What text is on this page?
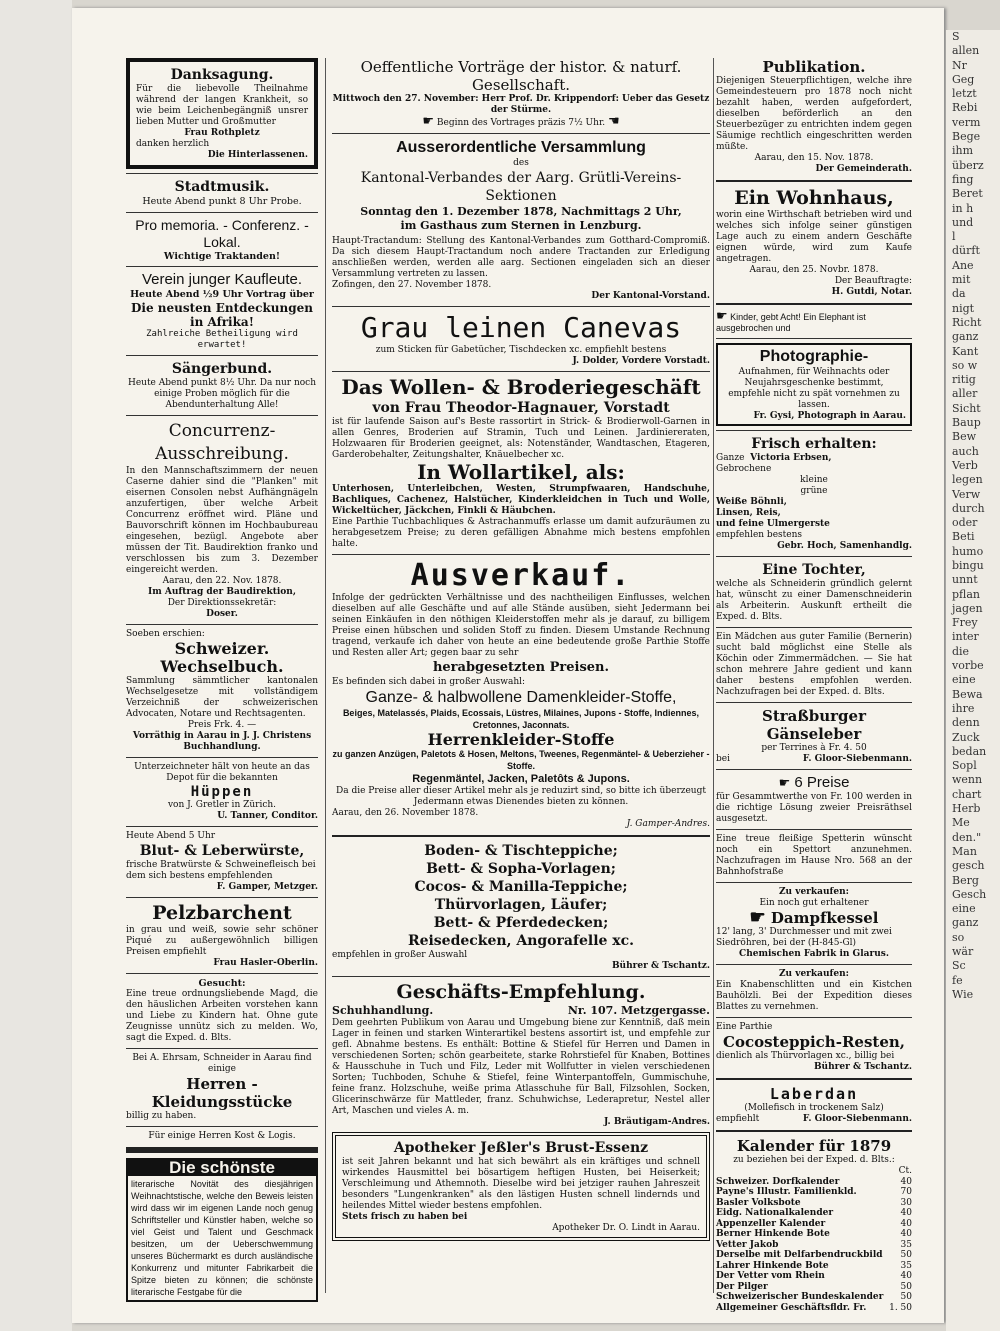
S
allen
Nr
Geg
letzt
Rebi
verm
Bege
ihm
überz
fing
Beret
in h
und
l
dürft
Ane
mit
da
nigt
Richt
ganz
Kant
so w
ritig
aller
Sicht
Baup
Bew
auch
Verb
legen
Verw
durch
oder
Beti
humo
bingu
unnt
pflan
jagen
Frey
inter
die
vorbe
eine
Bewa
ihre
denn
Zuck
bedan
Sopl
wenn
chart
Herb
Me
den."
Man
gesch
Berg
Gesch
eine
ganz
so
wär
Sc
fe
Wie

Danksagung.

Für die liebevolle Theilnahme während der langen Krankheit, so wie beim Leichenbegängniß unsrer lieben Mutter und Großmutter

Frau Rothpletz

danken herzlich

Die Hinterlassenen.

Stadtmusik.

Heute Abend punkt 8 Uhr Probe.

Pro memoria. - Conferenz. - Lokal.

Wichtige Traktanden!

Verein junger Kaufleute.

Heute Abend ½9 Uhr Vortrag über

Die neusten Entdeckungen in Afrika!

Zahlreiche Betheiligung wird erwartet!

Sängerbund.

Heute Abend punkt 8½ Uhr. Da nur noch einige Proben möglich für die Abendunterhaltung Alle!

Concurrenz-Ausschreibung.

In den Mannschaftszimmern der neuen Caserne dahier sind die "Planken" mit eisernen Consolen nebst Aufhängnägeln anzufertigen, über welche Arbeit Concurrenz eröffnet wird. Pläne und Bauvorschrift können im Hochbaubureau eingesehen, bezügl. Angebote aber müssen der Tit. Baudirektion franko und verschlossen bis zum 3. Dezember eingereicht werden.

Aarau, den 22. Nov. 1878.

Im Auftrag der Baudirektion,

Der Direktionssekretär:

Doser.

Soeben erschien:

Schweizer. Wechselbuch.

Sammlung sämmtlicher kantonalen Wechselgesetze mit vollständigem Verzeichniß der schweizerischen Advocaten, Notare und Rechtsagenten.

Preis Frk. 4. —

Vorräthig in Aarau in J. J. Christens Buchhandlung.

Unterzeichneter hält von heute an das Depot für die bekannten

Hüppen

von J. Gretler in Zürich.

U. Tanner, Conditor.

Heute Abend 5 Uhr

Blut- & Leberwürste,

frische Bratwürste & Schweinefleisch bei dem sich bestens empfehlenden

F. Gamper, Metzger.

Pelzbarchent

in grau und weiß, sowie sehr schöner Piqué zu außergewöhnlich billigen Preisen empfiehlt

Frau Hasler-Oberlin.

Gesucht:

Eine treue ordnungsliebende Magd, die den häuslichen Arbeiten vorstehen kann und Liebe zu Kindern hat. Ohne gute Zeugnisse unnütz sich zu melden. Wo, sagt die Exped. d. Blts.

Bei A. Ehrsam, Schneider in Aarau find einige

Herren - Kleidungsstücke

billig zu haben.

Für einige Herren Kost & Logis.

Die schönste

literarische Novität des diesjährigen Weihnachtstische, welche den Beweis leisten wird dass wir im eigenen Lande noch genug Schriftsteller und Künstler haben, welche so viel Geist und Talent und Geschmack besitzen, um der Ueberschwemmung unseres Büchermarkt es durch ausländische Konkurrenz und mitunter Fabrikarbeit die Spitze bieten zu können; die schönste literarische Festgabe für die

Oeffentliche Vorträge der histor. & naturf. Gesellschaft.

Mittwoch den 27. November: Herr Prof. Dr. Krippendorf: Ueber das Gesetz der Stürme.

☛ Beginn des Vortrages präzis 7½ Uhr. ☚

Ausserordentliche Versammlung

des

Kantonal-Verbandes der Aarg. Grütli-Vereins-Sektionen

Sonntag den 1. Dezember 1878, Nachmittags 2 Uhr,

im Gasthaus zum Sternen in Lenzburg.

Haupt-Tractandum: Stellung des Kantonal-Verbandes zum Gotthard-Compromiß. Da sich diesem Haupt-Tractandum noch andere Tractanden zur Erledigung anschließen werden, werden alle aarg. Sectionen eingeladen sich an dieser Versammlung vertreten zu lassen.

Zofingen, den 27. November 1878.

Der Kantonal-Vorstand.

Grau leinen Canevas

zum Sticken für Gabetücher, Tischdecken xc. empfiehlt bestens

J. Dolder, Vordere Vorstadt.

Das Wollen- & Broderiegeschäft

von Frau Theodor-Hagnauer, Vorstadt

ist für laufende Saison auf's Beste rassortirt in Strick- & Brodierwoll-Garnen in allen Genres, Broderien auf Stramin, Tuch und Leinen. Jardiniereraten, Holzwaaren für Broderien geeignet, als: Notenständer, Wandtaschen, Etageren, Garderobehalter, Zeitungshalter, Knäuelbecher xc.

In Wollartikel, als:

Unterhosen, Unterleibchen, Westen, Strumpfwaaren, Handschuhe, Bachliques, Cachenez, Halstücher, Kinderkleidchen in Tuch und Wolle, Wickeltücher, Jäckchen, Finkli & Häubchen.

Eine Parthie Tuchbachliques & Astrachanmuffs erlasse um damit aufzuräumen zu herabgesetzem Preise; zu deren gefälligen Abnahme mich bestens empfohlen halte.

Ausverkauf.

Infolge der gedrückten Verhältnisse und des nachtheiligen Einflusses, welchen dieselben auf alle Geschäfte und auf alle Stände ausüben, sieht Jedermann bei seinen Einkäufen in den nöthigen Kleiderstoffen mehr als je darauf, zu billigem Preise einen hübschen und soliden Stoff zu finden. Diesem Umstande Rechnung tragend, verkaufe ich daher von heute an eine bedeutende große Parthie Stoffe und Resten aller Art; gegen baar zu sehr

herabgesetzten Preisen.

Es befinden sich dabei in großer Auswahl:

Ganze- & halbwollene Damenkleider-Stoffe,

Beiges, Matelassés, Plaids, Ecossais, Lüstres, Milaines, Jupons - Stoffe, Indiennes, Cretonnes, Jaconnats.

Herrenkleider-Stoffe

zu ganzen Anzügen, Paletots & Hosen, Meltons, Tweenes, Regenmäntel- & Ueberzieher - Stoffe.

Regenmäntel, Jacken, Paletôts & Jupons.

Da die Preise aller dieser Artikel mehr als je reduzirt sind, so bitte ich überzeugt Jedermann etwas Dienendes bieten zu können.

Aarau, den 26. November 1878.

J. Gamper-Andres.

Boden- & Tischteppiche;

Bett- & Sopha-Vorlagen;

Cocos- & Manilla-Teppiche;

Thürvorlagen, Läufer;

Bett- & Pferdedecken;

Reisedecken, Angorafelle xc.

empfehlen in großer Auswahl

Bührer & Tschantz.

Geschäfts-Empfehlung.

Schuhhandlung.	Nr. 107. Metzgergasse.

Dem geehrten Publikum von Aarau und Umgebung biene zur Kenntniß, daß mein Lager in feinen und starken Winterartikel bestens assortirt ist, und empfehle zur gefl. Abnahme bestens. Es enthält: Bottine & Stiefel für Herren und Damen in verschiedenen Sorten; schön gearbeitete, starke Rohrstiefel für Knaben, Bottines & Hausschuhe in Tuch und Filz, Leder mit Wollfutter in vielen verschiedenen Sorten; Tuchboden, Schuhe & Stiefel, feine Winterpantoffeln, Gummischuhe, feine franz. Holzschuhe, weiße prima Atlasschuhe für Ball, Filzsohlen, Socken, Glicerinschwärze für Mattleder, franz. Schuhwichse, Lederapretur, Nestel aller Art, Maschen und vieles A. m.

J. Bräutigam-Andres.

Apotheker Jeßler's Brust-Essenz

ist seit Jahren bekannt und hat sich bewährt als ein kräftiges und schnell wirkendes Hausmittel bei bösartigem heftigen Husten, bei Heiserkeit; Verschleimung und Athemnoth. Dieselbe wird bei jetziger rauhen Jahreszeit besonders "Lungenkranken" als den lästigen Husten schnell lindernds und heilendes Mittel wieder bestens empfohlen.

Stets frisch zu haben bei

Apotheker Dr. O. Lindt in Aarau.

Publikation.

Diejenigen Steuerpflichtigen, welche ihre Gemeindesteuern pro 1878 noch nicht bezahlt haben, werden aufgefordert, dieselben beförderlich an den Steuerbezüger zu entrichten indem gegen Säumige rechtlich eingeschritten werden müßte.

Aarau, den 15. Nov. 1878.

Der Gemeinderath.

Ein Wohnhaus,

worin eine Wirthschaft betrieben wird und welches sich infolge seiner günstigen Lage auch zu einem andern Geschäfte eignen würde, wird zum Kaufe angetragen.

Aarau, den 25. Novbr. 1878.

Der Beauftragte:

H. Gutdi, Notar.

☛ Kinder, gebt Acht! Ein Elephant ist ausgebrochen und

Photographie-

Aufnahmen, für Weihnachts oder Neujahrsgeschenke bestimmt, empfehle nicht zu spät vornehmen zu lassen.

Fr. Gysi, Photograph in Aarau.

Frisch erhalten:

Ganze Victoria Erbsen,

Gebrochene

kleine

grüne

Weiße Böhnli,

Linsen, Reis,

und feine Ulmergerste

empfehlen bestens

Gebr. Hoch, Samenhandlg.

Eine Tochter,

welche als Schneiderin gründlich gelernt hat, wünscht zu einer Damenschneiderin als Arbeiterin. Auskunft ertheilt die Exped. d. Blts.

Ein Mädchen aus guter Familie (Bernerin) sucht bald möglichst eine Stelle als Köchin oder Zimmermädchen. — Sie hat schon mehrere Jahre gedient und kann daher bestens empfohlen werden. Nachzufragen bei der Exped. d. Blts.

Straßburger Gänseleber

per Terrines à Fr. 4. 50

bei	F. Gloor-Siebenmann.

☛ 6 Preise

für Gesammtwerthe von Fr. 100 werden in die richtige Lösung zweier Preisräthsel ausgesetzt.

Eine treue fleißige Spetterin wünscht noch ein Spettort anzunehmen. Nachzufragen im Hause Nro. 568 an der Bahnhofstraße

Zu verkaufen:

Ein noch gut erhaltener

☛ Dampfkessel

12' lang, 3' Durchmesser und mit zwei Siedröhren, bei der (H-845-Gl)

Chemischen Fabrik in Glarus.

Zu verkaufen:

Ein Knabenschlitten und ein Kistchen Bauhölzli. Bei der Expedition dieses Blattes zu vernehmen.

Eine Parthie

Cocosteppich-Resten,

dienlich als Thürvorlagen xc., billig bei

Bührer & Tschantz.

Laberdan

(Mollefisch in trockenem Salz)

empfiehlt	F. Gloor-Siebenmann.

Kalender für 1879

zu beziehen bei der Exped. d. Blts.:

	Ct.
Schweizer. Dorfkalender	40
Payne's Illustr. Familienkld.	70
Basler Volksbote	30
Eidg. Nationalkalender	40
Appenzeller Kalender	40
Berner Hinkende Bote	40
Vetter Jakob	35
Derselbe mit Delfarbendruckbild	50
Lahrer Hinkende Bote	35
Der Vetter vom Rhein	40
Der Pilger	50
Schweizerischer Bundeskalender	50
Allgemeiner Geschäftsfldr. Fr.	1. 50
